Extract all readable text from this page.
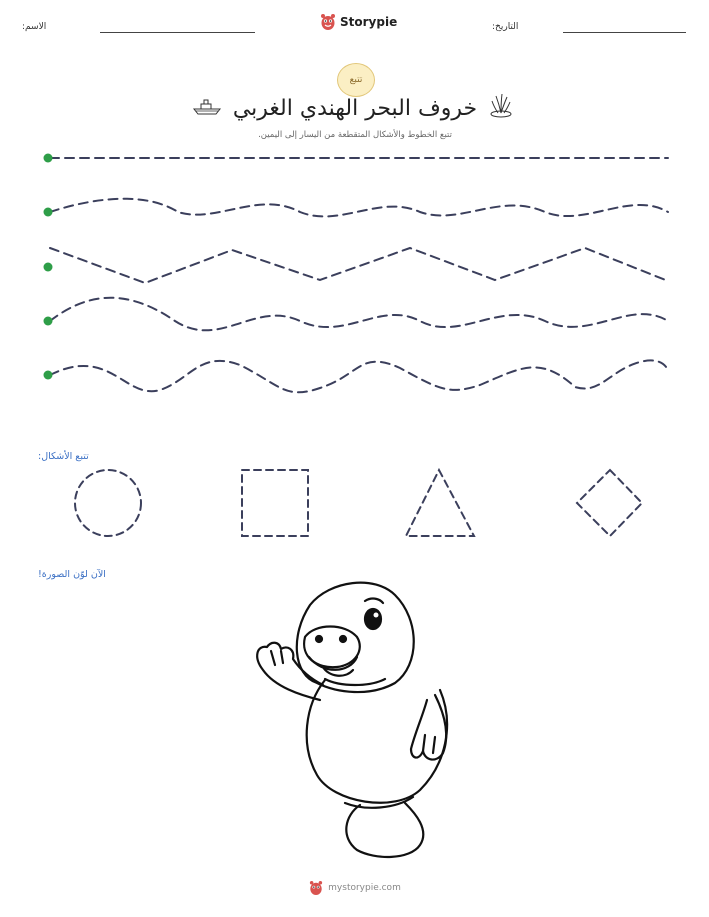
الاسم:	Storypie	التاريخ:
تتبع
خروف البحر الهندي الغربي
تتبع الخطوط والأشكال المتقطعة من اليسار إلى اليمين.
تتبع الأشكال:
الآن لوّن الصورة!
mystorypie.com
